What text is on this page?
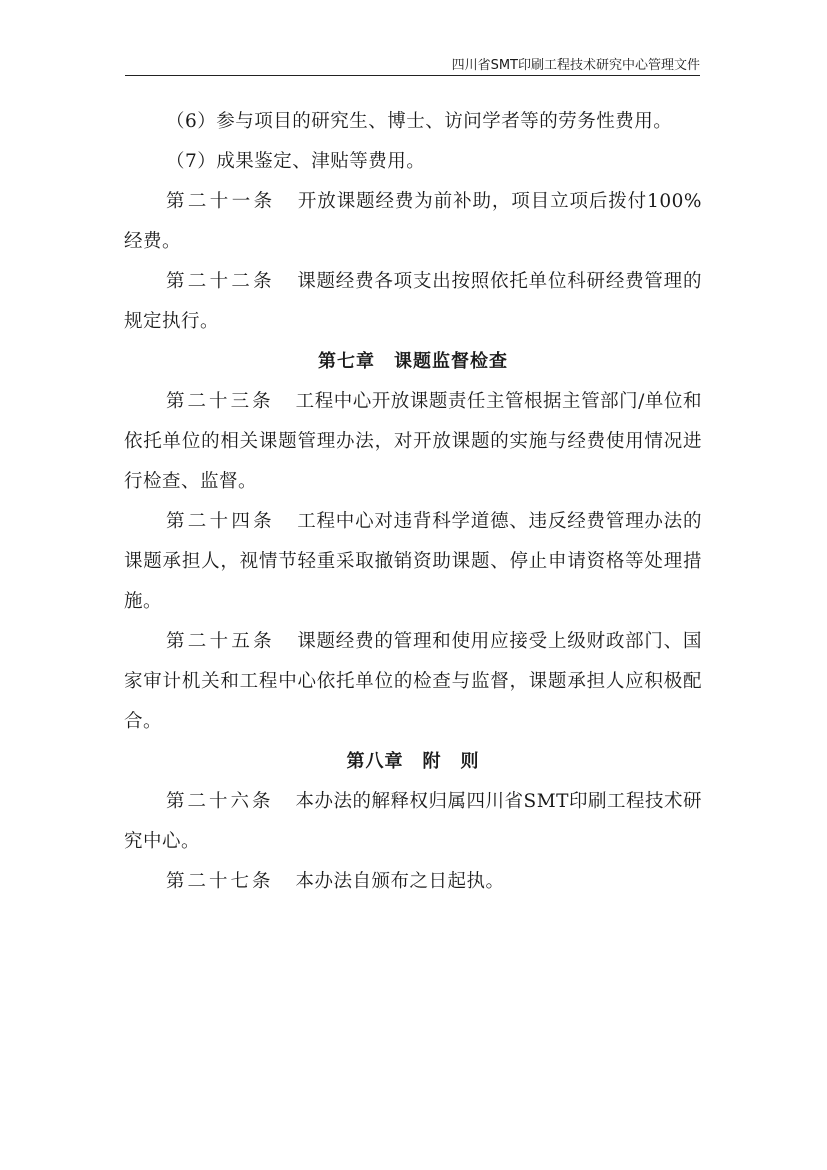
四川省SMT印刷工程技术研究中心管理文件

（6）参与项目的研究生、博士、访问学者等的劳务性费用。

（7）成果鉴定、津贴等费用。

第二十一条 开放课题经费为前补助，项目立项后拨付100%经费。

第二十二条 课题经费各项支出按照依托单位科研经费管理的规定执行。

第七章　课题监督检查

第二十三条 工程中心开放课题责任主管根据主管部门/单位和依托单位的相关课题管理办法，对开放课题的实施与经费使用情况进行检查、监督。

第二十四条 工程中心对违背科学道德、违反经费管理办法的课题承担人，视情节轻重采取撤销资助课题、停止申请资格等处理措施。

第二十五条 课题经费的管理和使用应接受上级财政部门、国家审计机关和工程中心依托单位的检查与监督，课题承担人应积极配合。

第八章　附　则

第二十六条 本办法的解释权归属四川省SMT印刷工程技术研究中心。

第二十七条 本办法自颁布之日起执。
